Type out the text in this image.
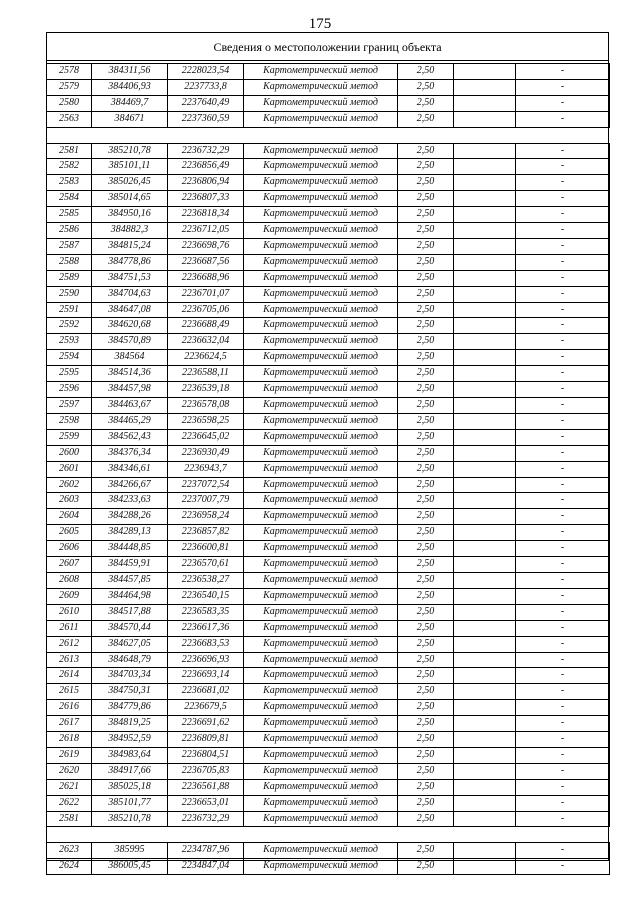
175
Сведения о местоположении границ объекта
2578	384311,56	2228023,54	Картометрический метод	2,50		-
2579	384406,93	2237733,8	Картометрический метод	2,50		-
2580	384469,7	2237640,49	Картометрический метод	2,50		-
2563	384671	2237360,59	Картометрический метод	2,50		-

2581	385210,78	2236732,29	Картометрический метод	2,50		-
2582	385101,11	2236856,49	Картометрический метод	2,50		-
2583	385026,45	2236806,94	Картометрический метод	2,50		-
2584	385014,65	2236807,33	Картометрический метод	2,50		-
2585	384950,16	2236818,34	Картометрический метод	2,50		-
2586	384882,3	2236712,05	Картометрический метод	2,50		-
2587	384815,24	2236698,76	Картометрический метод	2,50		-
2588	384778,86	2236687,56	Картометрический метод	2,50		-
2589	384751,53	2236688,96	Картометрический метод	2,50		-
2590	384704,63	2236701,07	Картометрический метод	2,50		-
2591	384647,08	2236705,06	Картометрический метод	2,50		-
2592	384620,68	2236688,49	Картометрический метод	2,50		-
2593	384570,89	2236632,04	Картометрический метод	2,50		-
2594	384564	2236624,5	Картометрический метод	2,50		-
2595	384514,36	2236588,11	Картометрический метод	2,50		-
2596	384457,98	2236539,18	Картометрический метод	2,50		-
2597	384463,67	2236578,08	Картометрический метод	2,50		-
2598	384465,29	2236598,25	Картометрический метод	2,50		-
2599	384562,43	2236645,02	Картометрический метод	2,50		-
2600	384376,34	2236930,49	Картометрический метод	2,50		-
2601	384346,61	2236943,7	Картометрический метод	2,50		-
2602	384266,67	2237072,54	Картометрический метод	2,50		-
2603	384233,63	2237007,79	Картометрический метод	2,50		-
2604	384288,26	2236958,24	Картометрический метод	2,50		-
2605	384289,13	2236857,82	Картометрический метод	2,50		-
2606	384448,85	2236600,81	Картометрический метод	2,50		-
2607	384459,91	2236570,61	Картометрический метод	2,50		-
2608	384457,85	2236538,27	Картометрический метод	2,50		-
2609	384464,98	2236540,15	Картометрический метод	2,50		-
2610	384517,88	2236583,35	Картометрический метод	2,50		-
2611	384570,44	2236617,36	Картометрический метод	2,50		-
2612	384627,05	2236683,53	Картометрический метод	2,50		-
2613	384648,79	2236696,93	Картометрический метод	2,50		-
2614	384703,34	2236693,14	Картометрический метод	2,50		-
2615	384750,31	2236681,02	Картометрический метод	2,50		-
2616	384779,86	2236679,5	Картометрический метод	2,50		-
2617	384819,25	2236691,62	Картометрический метод	2,50		-
2618	384952,59	2236809,81	Картометрический метод	2,50		-
2619	384983,64	2236804,51	Картометрический метод	2,50		-
2620	384917,66	2236705,83	Картометрический метод	2,50		-
2621	385025,18	2236561,88	Картометрический метод	2,50		-
2622	385101,77	2236653,01	Картометрический метод	2,50		-
2581	385210,78	2236732,29	Картометрический метод	2,50		-

2623	385995	2234787,96	Картометрический метод	2,50		-
2624	386005,45	2234847,04	Картометрический метод	2,50		-
